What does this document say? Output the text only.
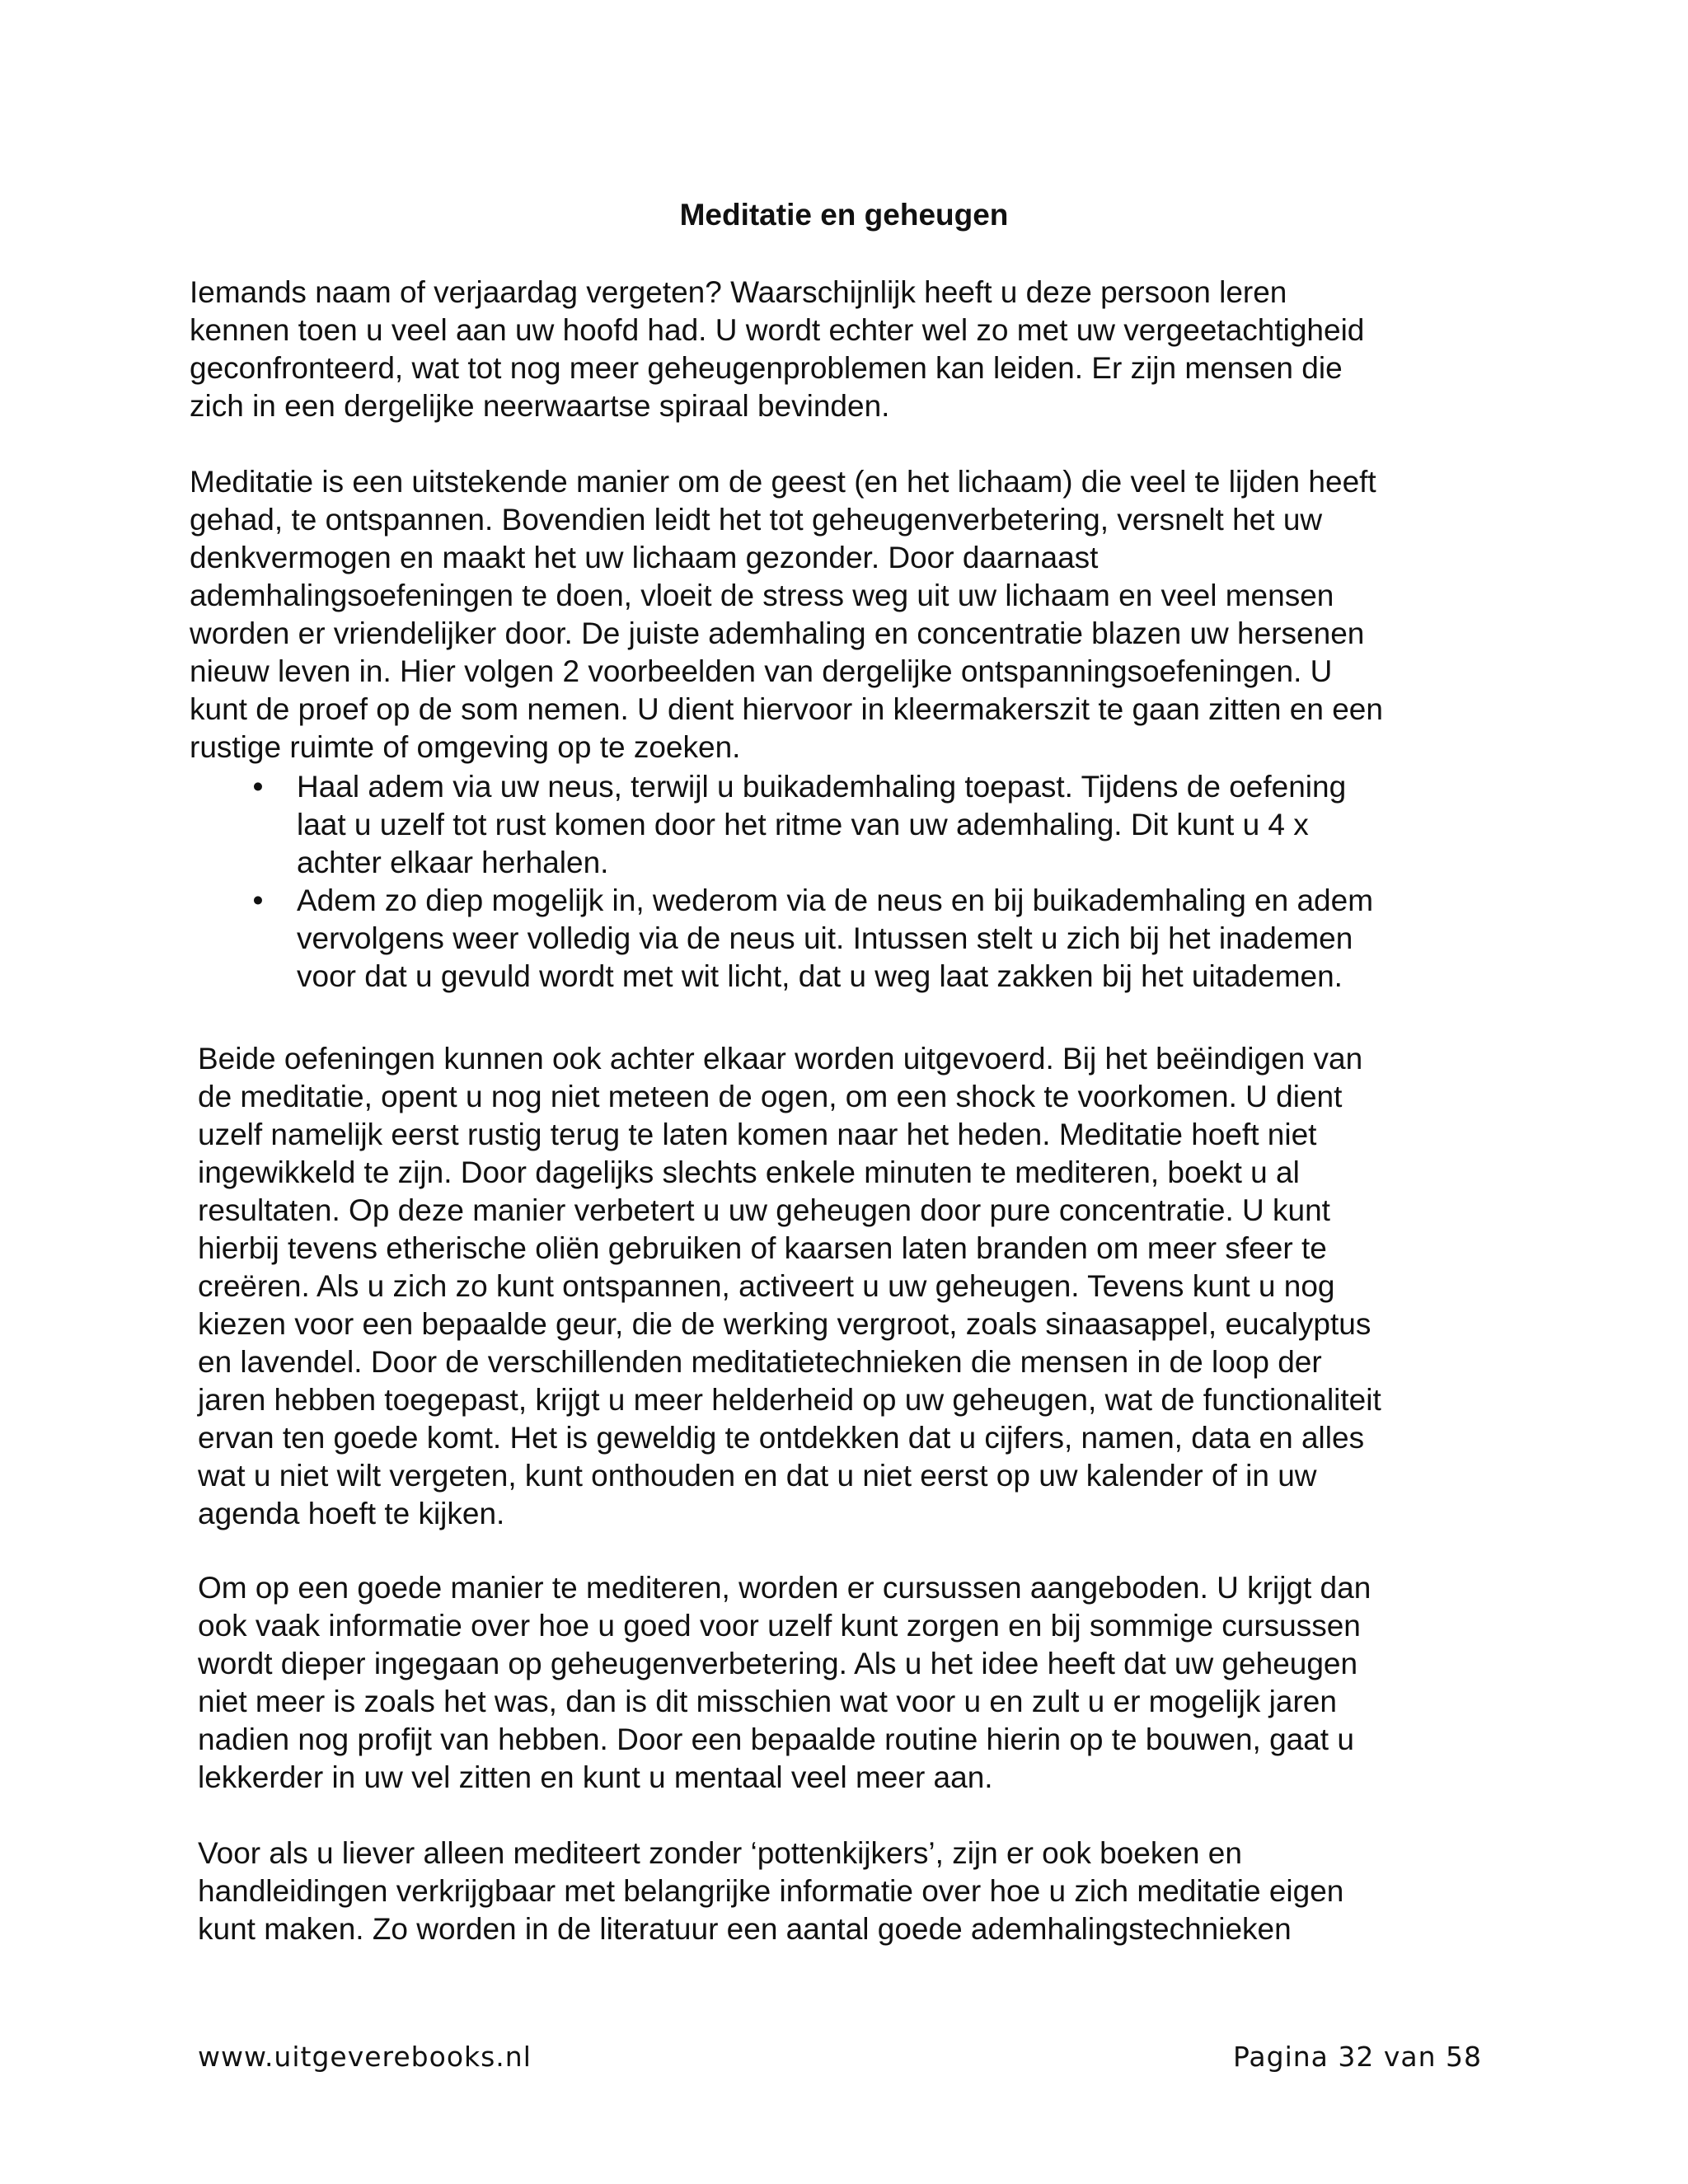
Meditatie en geheugen

Iemands naam of verjaardag vergeten? Waarschijnlijk heeft u deze persoon leren
kennen toen u veel aan uw hoofd had. U wordt echter wel zo met uw vergeetachtigheid
geconfronteerd, wat tot nog meer geheugenproblemen kan leiden. Er zijn mensen die
zich in een dergelijke neerwaartse spiraal bevinden.

Meditatie is een uitstekende manier om de geest (en het lichaam) die veel te lijden heeft
gehad, te ontspannen. Bovendien leidt het tot geheugenverbetering, versnelt het uw
denkvermogen en maakt het uw lichaam gezonder. Door daarnaast
ademhalingsoefeningen te doen, vloeit de stress weg uit uw lichaam en veel mensen
worden er vriendelijker door. De juiste ademhaling en concentratie blazen uw hersenen
nieuw leven in. Hier volgen 2 voorbeelden van dergelijke ontspanningsoefeningen. U
kunt de proef op de som nemen. U dient hiervoor in kleermakerszit te gaan zitten en een
rustige ruimte of omgeving op te zoeken.

• Haal adem via uw neus, terwijl u buikademhaling toepast. Tijdens de oefening
laat u uzelf tot rust komen door het ritme van uw ademhaling. Dit kunt u 4 x
achter elkaar herhalen.
• Adem zo diep mogelijk in, wederom via de neus en bij buikademhaling en adem
vervolgens weer volledig via de neus uit. Intussen stelt u zich bij het inademen
voor dat u gevuld wordt met wit licht, dat u weg laat zakken bij het uitademen.

Beide oefeningen kunnen ook achter elkaar worden uitgevoerd. Bij het beëindigen van
de meditatie, opent u nog niet meteen de ogen, om een shock te voorkomen. U dient
uzelf namelijk eerst rustig terug te laten komen naar het heden. Meditatie hoeft niet
ingewikkeld te zijn. Door dagelijks slechts enkele minuten te mediteren, boekt u al
resultaten. Op deze manier verbetert u uw geheugen door pure concentratie. U kunt
hierbij tevens etherische oliën gebruiken of kaarsen laten branden om meer sfeer te
creëren. Als u zich zo kunt ontspannen, activeert u uw geheugen. Tevens kunt u nog
kiezen voor een bepaalde geur, die de werking vergroot, zoals sinaasappel, eucalyptus
en lavendel. Door de verschillenden meditatietechnieken die mensen in de loop der
jaren hebben toegepast, krijgt u meer helderheid op uw geheugen, wat de functionaliteit
ervan ten goede komt. Het is geweldig te ontdekken dat u cijfers, namen, data en alles
wat u niet wilt vergeten, kunt onthouden en dat u niet eerst op uw kalender of in uw
agenda hoeft te kijken.

Om op een goede manier te mediteren, worden er cursussen aangeboden. U krijgt dan
ook vaak informatie over hoe u goed voor uzelf kunt zorgen en bij sommige cursussen
wordt dieper ingegaan op geheugenverbetering. Als u het idee heeft dat uw geheugen
niet meer is zoals het was, dan is dit misschien wat voor u en zult u er mogelijk jaren
nadien nog profijt van hebben. Door een bepaalde routine hierin op te bouwen, gaat u
lekkerder in uw vel zitten en kunt u mentaal veel meer aan.

Voor als u liever alleen mediteert zonder ‘pottenkijkers’, zijn er ook boeken en
handleidingen verkrijgbaar met belangrijke informatie over hoe u zich meditatie eigen
kunt maken. Zo worden in de literatuur een aantal goede ademhalingstechnieken

www.uitgeverebooks.nl	Pagina 32 van 58
